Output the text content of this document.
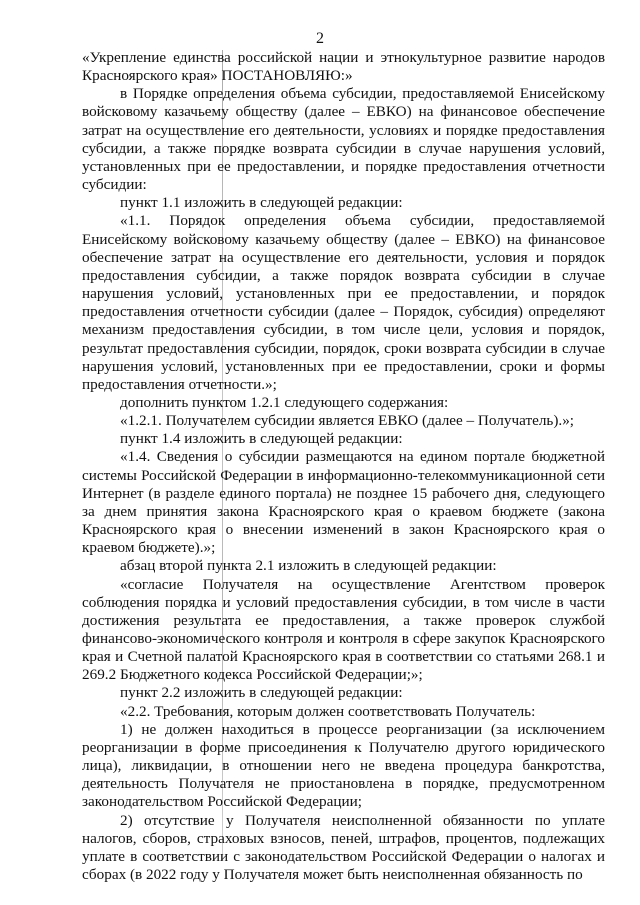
2

«Укрепление единства российской нации и этнокультурное развитие народов Красноярского края» ПОСТАНОВЛЯЮ:»

в Порядке определения объема субсидии, предоставляемой Енисейскому войсковому казачьему обществу (далее – ЕВКО) на финансовое обеспечение затрат на осуществление его деятельности, условиях и порядке предоставления субсидии, а также порядке возврата субсидии в случае нарушения условий, установленных при ее предоставлении, и порядке предоставления отчетности субсидии:

пункт 1.1 изложить в следующей редакции:

«1.1. Порядок определения объема субсидии, предоставляемой Енисейскому войсковому казачьему обществу (далее – ЕВКО) на финансовое обеспечение затрат на осуществление его деятельности, условия и порядок предоставления субсидии, а также порядок возврата субсидии в случае нарушения условий, установленных при ее предоставлении, и порядок предоставления отчетности субсидии (далее – Порядок, субсидия) определяют механизм предоставления субсидии, в том числе цели, условия и порядок, результат предоставления субсидии, порядок, сроки возврата субсидии в случае нарушения условий, установленных при ее предоставлении, сроки и формы предоставления отчетности.»;

дополнить пунктом 1.2.1 следующего содержания:

«1.2.1. Получателем субсидии является ЕВКО (далее – Получатель).»;

пункт 1.4 изложить в следующей редакции:

«1.4. Сведения о субсидии размещаются на едином портале бюджетной системы Российской Федерации в информационно-телекоммуникационной сети Интернет (в разделе единого портала) не позднее 15 рабочего дня, следующего за днем принятия закона Красноярского края о краевом бюджете (закона Красноярского края о внесении изменений в закон Красноярского края о краевом бюджете).»;

абзац второй пункта 2.1 изложить в следующей редакции:

«согласие Получателя на осуществление Агентством проверок соблюдения порядка и условий предоставления субсидии, в том числе в части достижения результата ее предоставления, а также проверок службой финансово-экономического контроля и контроля в сфере закупок Красноярского края и Счетной палатой Красноярского края в соответствии со статьями 268.1 и 269.2 Бюджетного кодекса Российской Федерации;»;

пункт 2.2 изложить в следующей редакции:

«2.2. Требования, которым должен соответствовать Получатель:

1) не должен находиться в процессе реорганизации (за исключением реорганизации в форме присоединения к Получателю другого юридического лица), ликвидации, в отношении него не введена процедура банкротства, деятельность Получателя не приостановлена в порядке, предусмотренном законодательством Российской Федерации;

2) отсутствие у Получателя неисполненной обязанности по уплате налогов, сборов, страховых взносов, пеней, штрафов, процентов, подлежащих уплате в соответствии с законодательством Российской Федерации о налогах и сборах (в 2022 году у Получателя может быть неисполненная обязанность по
